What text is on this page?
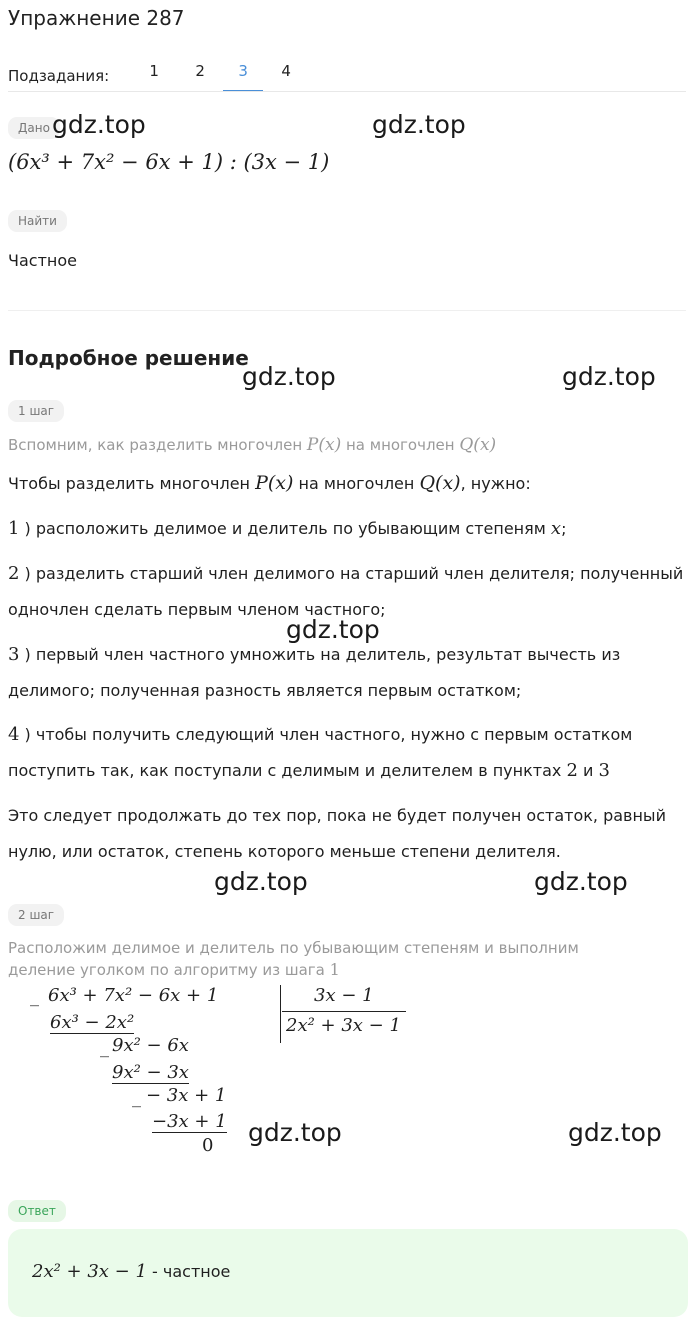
Упражнение 287
Подзадания:	1	2	3	4
Дано
(6x³ + 7x² − 6x + 1) : (3x − 1)
Найти
Частное
Подробное решение
1 шаг
Вспомним, как разделить многочлен P(x) на многочлен Q(x)
Чтобы разделить многочлен P(x) на многочлен Q(x), нужно:
1 ) расположить делимое и делитель по убывающим степеням x;
2 ) разделить старший член делимого на старший член делителя; полученный одночлен сделать первым членом частного;
3 ) первый член частного умножить на делитель, результат вычесть из делимого; полученная разность является первым остатком;
4 ) чтобы получить следующий член частного, нужно с первым остатком поступить так, как поступали с делимым и делителем в пунктах 2 и 3
Это следует продолжать до тех пор, пока не будет получен остаток, равный нулю, или остаток, степень которого меньше степени делителя.
2 шаг
Расположим делимое и делитель по убывающим степеням и выполним деление уголком по алгоритму из шага 1
_ 6x³ + 7x² − 6x + 1	3x − 1
2x² + 3x − 1
6x³ − 2x²
_ 9x² − 6x
9x² − 3x
_ − 3x + 1
−3x + 1
0
Ответ
2x² + 3x − 1 - частное
gdz.top	gdz.top
gdz.top	gdz.top
gdz.top
gdz.top	gdz.top
gdz.top	gdz.top
